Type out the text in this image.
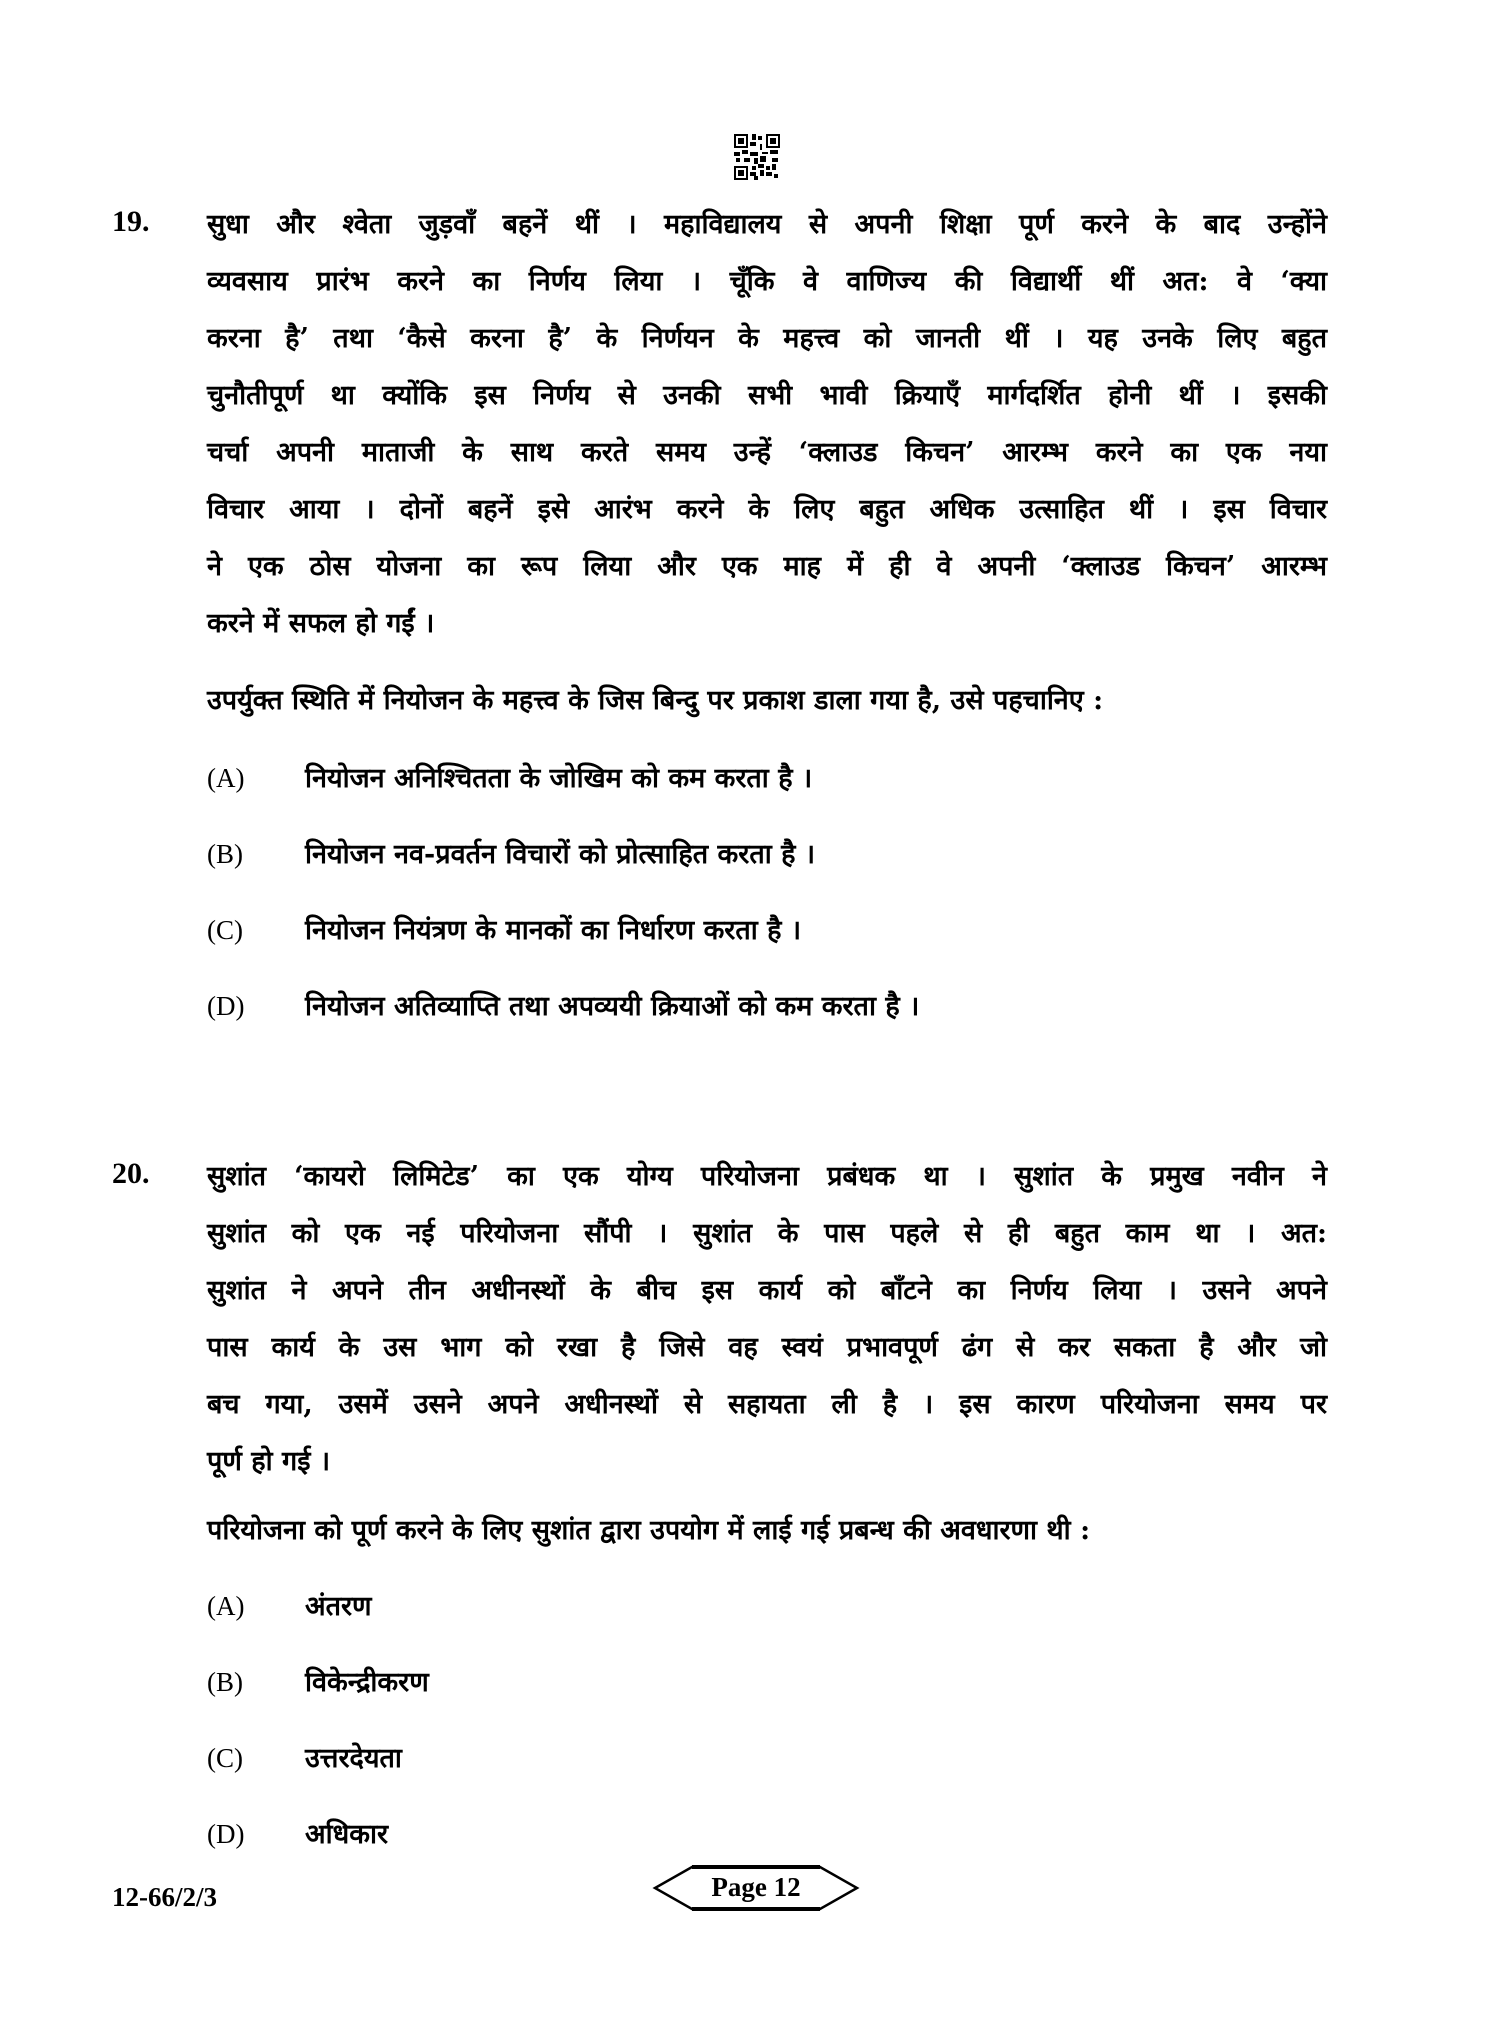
19. सुधा और श्वेता जुड़वाँ बहनें थीं । महाविद्यालय से अपनी शिक्षा पूर्ण करने के बाद उन्होंने
व्यवसाय प्रारंभ करने का निर्णय लिया । चूँकि वे वाणिज्य की विद्यार्थी थीं अत: वे ‘क्या
करना है’ तथा ‘कैसे करना है’ के निर्णयन के महत्त्व को जानती थीं । यह उनके लिए बहुत
चुनौतीपूर्ण था क्योंकि इस निर्णय से उनकी सभी भावी क्रियाएँ मार्गदर्शित होनी थीं । इसकी
चर्चा अपनी माताजी के साथ करते समय उन्हें ‘क्लाउड किचन’ आरम्भ करने का एक नया
विचार आया । दोनों बहनें इसे आरंभ करने के लिए बहुत अधिक उत्साहित थीं । इस विचार
ने एक ठोस योजना का रूप लिया और एक माह में ही वे अपनी ‘क्लाउड किचन’ आरम्भ
करने में सफल हो गईं ।
उपर्युक्त स्थिति में नियोजन के महत्त्व के जिस बिन्दु पर प्रकाश डाला गया है, उसे पहचानिए :
(A) नियोजन अनिश्चितता के जोखिम को कम करता है ।
(B) नियोजन नव-प्रवर्तन विचारों को प्रोत्साहित करता है ।
(C) नियोजन नियंत्रण के मानकों का निर्धारण करता है ।
(D) नियोजन अतिव्याप्ति तथा अपव्ययी क्रियाओं को कम करता है ।
20. सुशांत ‘कायरो लिमिटेड’ का एक योग्य परियोजना प्रबंधक था । सुशांत के प्रमुख नवीन ने
सुशांत को एक नई परियोजना सौंपी । सुशांत के पास पहले से ही बहुत काम था । अत:
सुशांत ने अपने तीन अधीनस्थों के बीच इस कार्य को बाँटने का निर्णय लिया । उसने अपने
पास कार्य के उस भाग को रखा है जिसे वह स्वयं प्रभावपूर्ण ढंग से कर सकता है और जो
बच गया, उसमें उसने अपने अधीनस्थों से सहायता ली है । इस कारण परियोजना समय पर
पूर्ण हो गई ।
परियोजना को पूर्ण करने के लिए सुशांत द्वारा उपयोग में लाई गई प्रबन्ध की अवधारणा थी :
(A) अंतरण
(B) विकेन्द्रीकरण
(C) उत्तरदेयता
(D) अधिकार
12-66/2/3	Page 12
